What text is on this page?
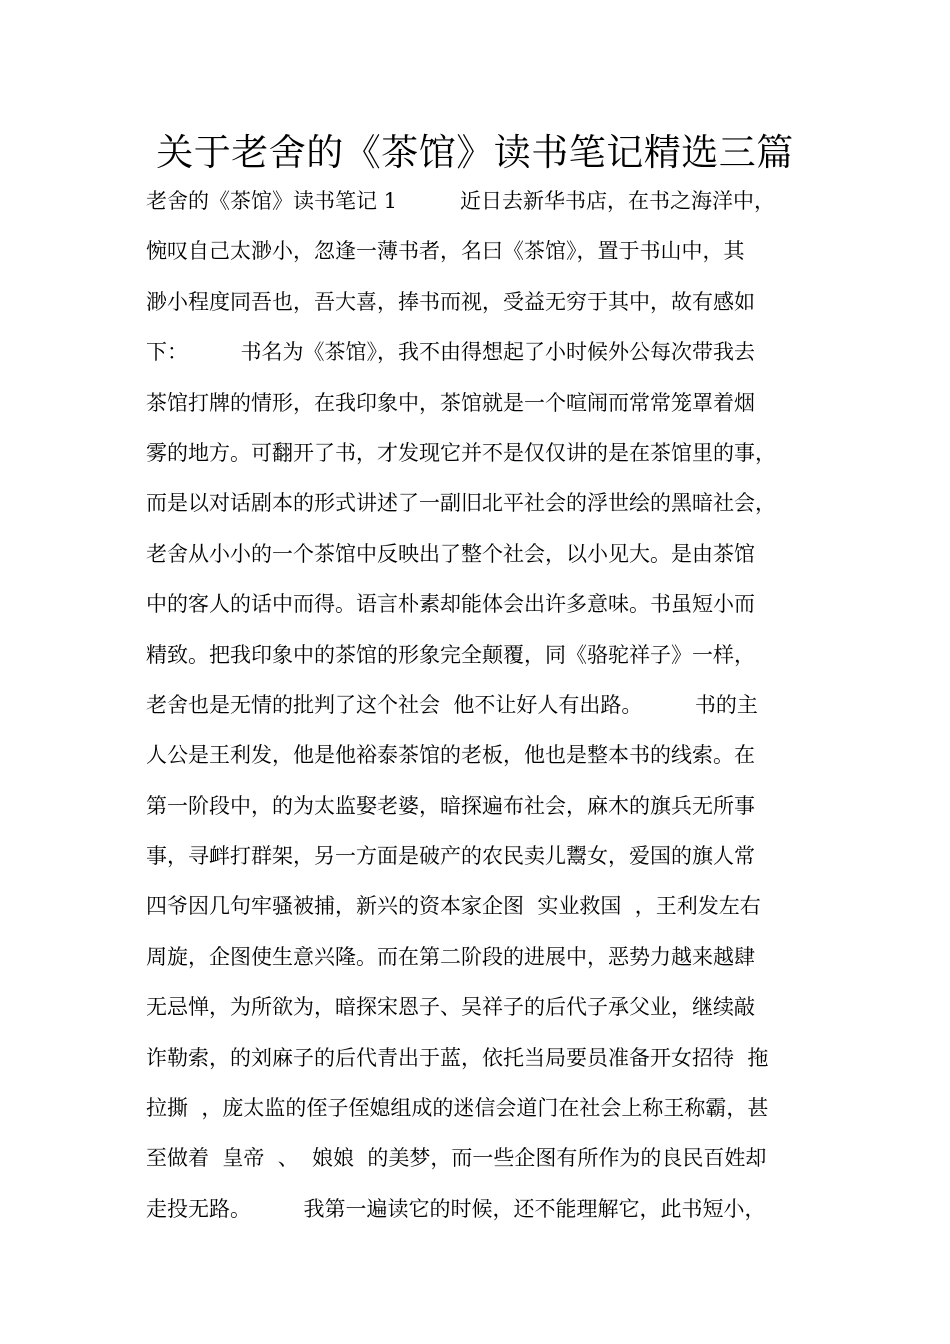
关于老舍的《茶馆》读书笔记精选三篇
老舍的《茶馆》读书笔记 1　　　近日去新华书店，在书之海洋中，
惋叹自己太渺小，忽逢一薄书者，名曰《茶馆》，置于书山中，其
渺小程度同吾也，吾大喜，捧书而视，受益无穷于其中，故有感如
下：　　　书名为《茶馆》，我不由得想起了小时候外公每次带我去
茶馆打牌的情形，在我印象中，茶馆就是一个喧闹而常常笼罩着烟
雾的地方。可翻开了书，才发现它并不是仅仅讲的是在茶馆里的事，
而是以对话剧本的形式讲述了一副旧北平社会的浮世绘的黑暗社会，
老舍从小小的一个茶馆中反映出了整个社会，以小见大。是由茶馆
中的客人的话中而得。语言朴素却能体会出许多意味。书虽短小而
精致。把我印象中的茶馆的形象完全颠覆，同《骆驼祥子》一样，
老舍也是无情的批判了这个社会  他不让好人有出路。　　　书的主
人公是王利发，他是他裕泰茶馆的老板，他也是整本书的线索。在
第一阶段中，的为太监娶老婆，暗探遍布社会，麻木的旗兵无所事
事，寻衅打群架，另一方面是破产的农民卖儿鬻女，爱国的旗人常
四爷因几句牢骚被捕，新兴的资本家企图  实业救国  ，王利发左右
周旋，企图使生意兴隆。而在第二阶段的进展中，恶势力越来越肆
无忌惮，为所欲为，暗探宋恩子、吴祥子的后代子承父业，继续敲
诈勒索，的刘麻子的后代青出于蓝，依托当局要员准备开女招待  拖
拉撕  ，庞太监的侄子侄媳组成的迷信会道门在社会上称王称霸，甚
至做着  皇帝  、  娘娘  的美梦，而一些企图有所作为的良民百姓却
走投无路。　　　我第一遍读它的时候，还不能理解它，此书短小，
